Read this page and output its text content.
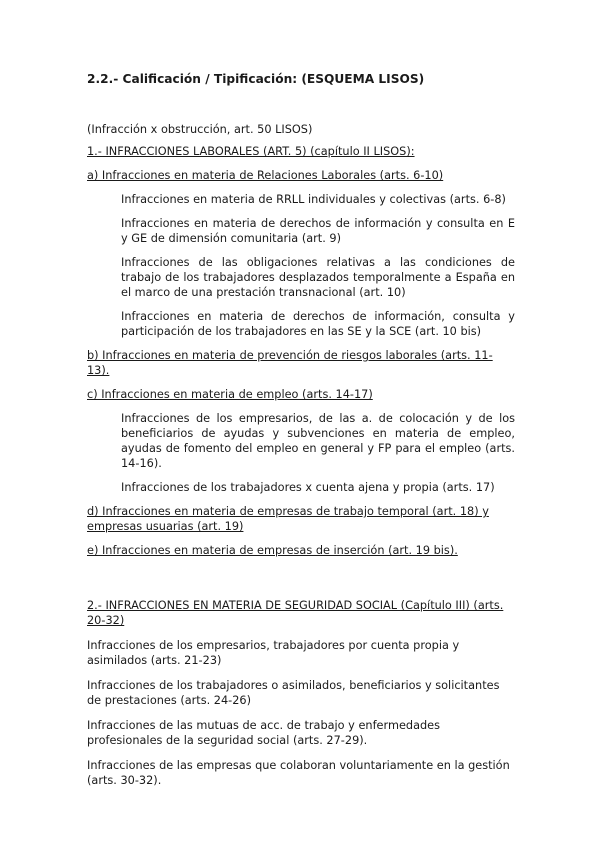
2.2.- Calificación / Tipificación: (ESQUEMA LISOS)

(Infracción x obstrucción, art. 50 LISOS)

1.- INFRACCIONES LABORALES (ART. 5) (capítulo II LISOS):

a) Infracciones en materia de Relaciones Laborales (arts. 6-10)

Infracciones en materia de RRLL individuales y colectivas (arts. 6-8)

Infracciones en materia de derechos de información y consulta en E y GE de dimensión comunitaria (art. 9)

Infracciones de las obligaciones relativas a las condiciones de trabajo de los trabajadores desplazados temporalmente a España en el marco de una prestación transnacional (art. 10)

Infracciones en materia de derechos de información, consulta y participación de los trabajadores en las SE y la SCE (art. 10 bis)

b) Infracciones en materia de prevención de riesgos laborales (arts. 11-13).

c) Infracciones en materia de empleo (arts. 14-17)

Infracciones de los empresarios, de las a. de colocación y de los beneficiarios de ayudas y subvenciones en materia de empleo, ayudas de fomento del empleo en general y FP para el empleo (arts. 14-16).

Infracciones de los trabajadores x cuenta ajena y propia (arts. 17)

d) Infracciones en materia de empresas de trabajo temporal (art. 18) y empresas usuarias (art. 19)

e) Infracciones en materia de empresas de inserción (art. 19 bis).

2.- INFRACCIONES EN MATERIA DE SEGURIDAD SOCIAL (Capítulo III) (arts. 20-32)

Infracciones de los empresarios, trabajadores por cuenta propia y asimilados (arts. 21-23)

Infracciones de los trabajadores o asimilados, beneficiarios y solicitantes de prestaciones (arts. 24-26)

Infracciones de las mutuas de acc. de trabajo y enfermedades profesionales de la seguridad social (arts. 27-29).

Infracciones de las empresas que colaboran voluntariamente en la gestión (arts. 30-32).
